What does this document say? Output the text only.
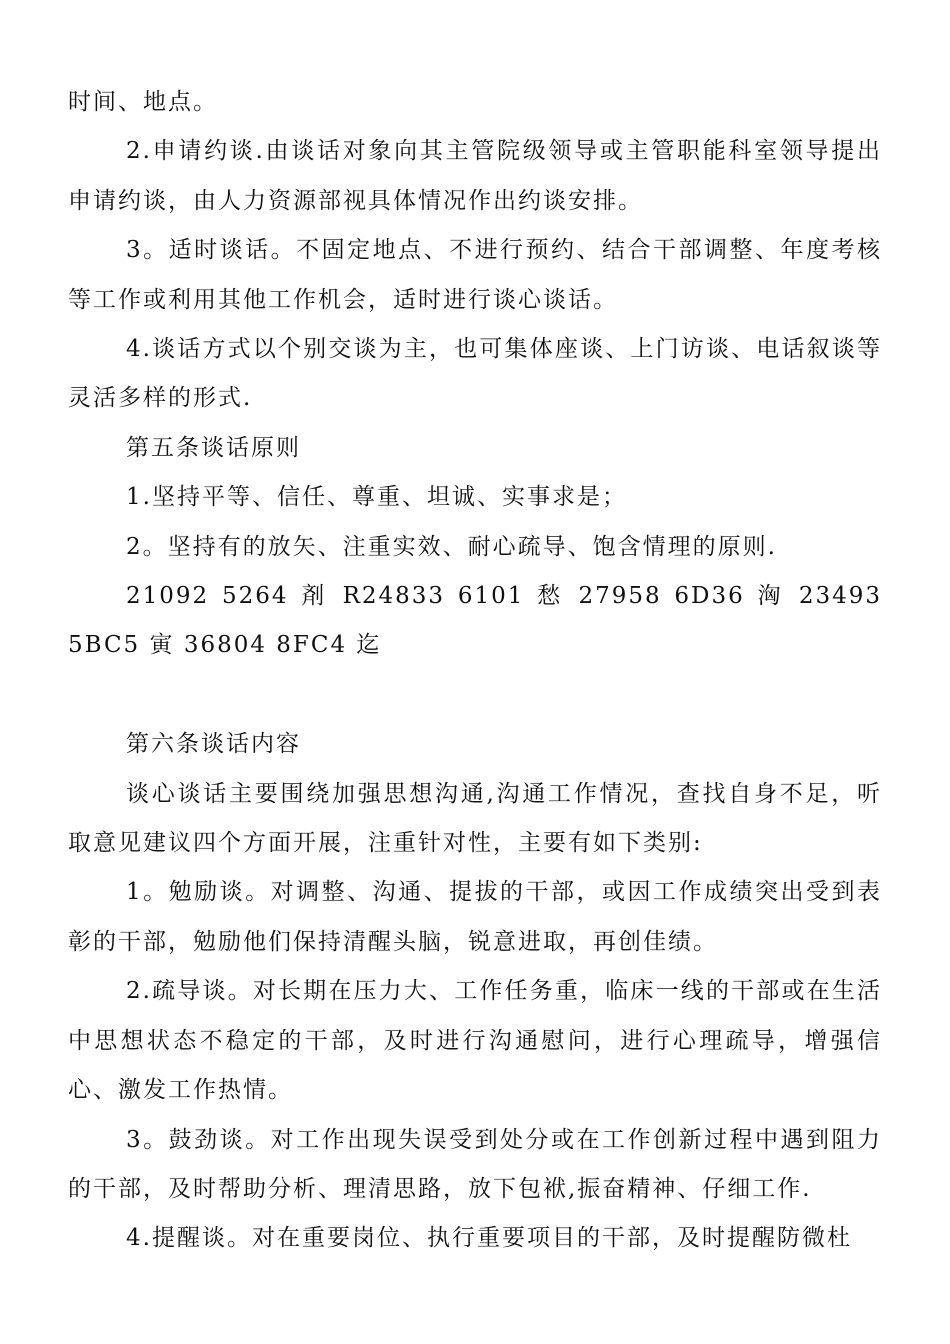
时间、地点。

2.申请约谈.由谈话对象向其主管院级领导或主管职能科室领导提出申请约谈，由人力资源部视具体情况作出约谈安排。

3。适时谈话。不固定地点、不进行预约、结合干部调整、年度考核等工作或利用其他工作机会，适时进行谈心谈话。

4.谈话方式以个别交谈为主，也可集体座谈、上门访谈、电话叙谈等灵活多样的形式.

第五条谈话原则

1.坚持平等、信任、尊重、坦诚、实事求是；

2。坚持有的放矢、注重实效、耐心疏导、饱含情理的原则.

21092 5264 剤 R24833 6101 愁 27958 6D36 洶 23493 5BC5 寅 36804 8FC4 迄

第六条谈话内容

谈心谈话主要围绕加强思想沟通,沟通工作情况，查找自身不足，听取意见建议四个方面开展，注重针对性，主要有如下类别:

1。勉励谈。对调整、沟通、提拔的干部，或因工作成绩突出受到表彰的干部，勉励他们保持清醒头脑，锐意进取，再创佳绩。

2.疏导谈。对长期在压力大、工作任务重，临床一线的干部或在生活中思想状态不稳定的干部，及时进行沟通慰问，进行心理疏导，增强信心、激发工作热情。

3。鼓劲谈。对工作出现失误受到处分或在工作创新过程中遇到阻力的干部，及时帮助分析、理清思路，放下包袱,振奋精神、仔细工作.

4.提醒谈。对在重要岗位、执行重要项目的干部，及时提醒防微杜
